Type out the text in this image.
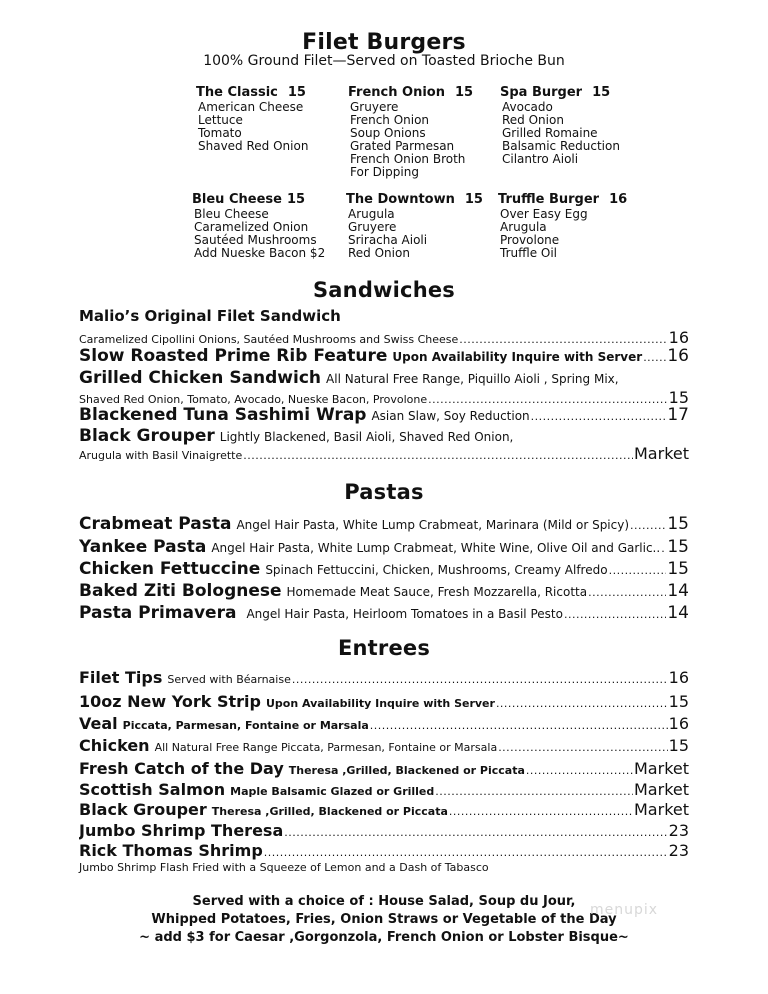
Filet Burgers
100% Ground Filet—Served on Toasted Brioche Bun
The Classic 15
American Cheese
Lettuce
Tomato
Shaved Red Onion
French Onion 15
Gruyere
French Onion
Soup Onions
Grated Parmesan
French Onion Broth
For Dipping
Spa Burger 15
Avocado
Red Onion
Grilled Romaine
Balsamic Reduction
Cilantro Aioli
Bleu Cheese 15
Bleu Cheese
Caramelized Onion
Sautéed Mushrooms
Add Nueske Bacon $2
The Downtown 15
Arugula
Gruyere
Sriracha Aioli
Red Onion
Truffle Burger 16
Over Easy Egg
Arugula
Provolone
Truffle Oil
Sandwiches
Malio’s Original Filet Sandwich
Caramelized Cipollini Onions, Sautéed Mushrooms and Swiss Cheese .....	16
Slow Roasted Prime Rib Feature Upon Availability Inquire with Server ..... 16
Grilled Chicken Sandwich All Natural Free Range, Piquillo Aioli , Spring Mix,
Shaved Red Onion, Tomato, Avocado, Nueske Bacon, Provolone .....	15
Blackened Tuna Sashimi Wrap Asian Slaw, Soy Reduction .....	17
Black Grouper Lightly Blackened, Basil Aioli, Shaved Red Onion,
Arugula with Basil Vinaigrette .....	Market
Pastas
Crabmeat Pasta Angel Hair Pasta, White Lump Crabmeat, Marinara (Mild or Spicy) ..... 15
Yankee Pasta Angel Hair Pasta, White Lump Crabmeat, White Wine, Olive Oil and Garlic.. ..... 15
Chicken Fettuccine Spinach Fettuccini, Chicken, Mushrooms, Creamy Alfredo .....	15
Baked Ziti Bolognese Homemade Meat Sauce, Fresh Mozzarella, Ricotta .....	14
Pasta Primavera Angel Hair Pasta, Heirloom Tomatoes in a Basil Pesto .....	14
Entrees
Filet Tips Served with Béarnaise .....	16
10oz New York Strip Upon Availability Inquire with Server .....	15
Veal Piccata, Parmesan, Fontaine or Marsala .....	16
Chicken All Natural Free Range Piccata, Parmesan, Fontaine or Marsala .....	15
Fresh Catch of the Day Theresa ,Grilled, Blackened or Piccata .....	Market
Scottish Salmon Maple Balsamic Glazed or Grilled .....	Market
Black Grouper Theresa ,Grilled, Blackened or Piccata .....	Market
Jumbo Shrimp Theresa .....	23
Rick Thomas Shrimp .....	23
Jumbo Shrimp Flash Fried with a Squeeze of Lemon and a Dash of Tabasco
Served with a choice of : House Salad, Soup du Jour,
Whipped Potatoes, Fries, Onion Straws or Vegetable of the Day
~ add $3 for Caesar ,Gorgonzola, French Onion or Lobster Bisque~
menupix
